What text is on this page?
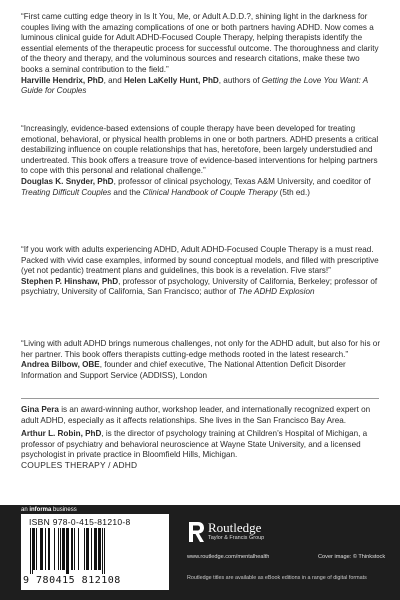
“First came cutting edge theory in Is It You, Me, or Adult A.D.D.?, shining light in the darkness for couples living with the amazing complications of one or both partners having ADHD. Now comes a luminous clinical guide for Adult ADHD-Focused Couple Therapy, helping therapists identify the essential elements of the therapeutic process for successful outcome. The thoroughness and clarity of the theory and therapy, and the voluminous sources and research citations, make these two books a seminal contribution to the field.”

Harville Hendrix, PhD, and Helen LaKelly Hunt, PhD, authors of Getting the Love You Want: A Guide for Couples

“Increasingly, evidence-based extensions of couple therapy have been developed for treating emotional, behavioral, or physical health problems in one or both partners. ADHD presents a critical destabilizing influence on couple relationships that has, heretofore, been largely understudied and undertreated. This book offers a treasure trove of evidence-based interventions for helping partners to cope with this personal and relational challenge.”

Douglas K. Snyder, PhD, professor of clinical psychology, Texas A&M University, and coeditor of Treating Difficult Couples and the Clinical Handbook of Couple Therapy (5th ed.)

“If you work with adults experiencing ADHD, Adult ADHD-Focused Couple Therapy is a must read. Packed with vivid case examples, informed by sound conceptual models, and filled with prescriptive (yet not pedantic) treatment plans and guidelines, this book is a revelation. Five stars!”

Stephen P. Hinshaw, PhD, professor of psychology, University of California, Berkeley; professor of psychiatry, University of California, San Francisco; author of The ADHD Explosion

“Living with adult ADHD brings numerous challenges, not only for the ADHD adult, but also for his or her partner. This book offers therapists cutting-edge methods rooted in the latest research.”

Andrea Bilbow, OBE, founder and chief executive, The National Attention Deficit Disorder Information and Support Service (ADDISS), London

Gina Pera is an award-winning author, workshop leader, and internationally recognized expert on adult ADHD, especially as it affects relationships. She lives in the San Francisco Bay Area.
Arthur L. Robin, PhD, is the director of psychology training at Children’s Hospital of Michigan, a professor of psychiatry and behavioral neuroscience at Wayne State University, and a licensed psychologist in private practice in Bloomfield Hills, Michigan.
COUPLES THERAPY / ADHD
an informa business
ISBN 978-0-415-81210-8
9 780415 812108
Routledge
Taylor & Francis Group
www.routledge.com/mentalhealth	Cover image: © Thinkstock
Routledge titles are available as eBook editions in a range of digital formats
